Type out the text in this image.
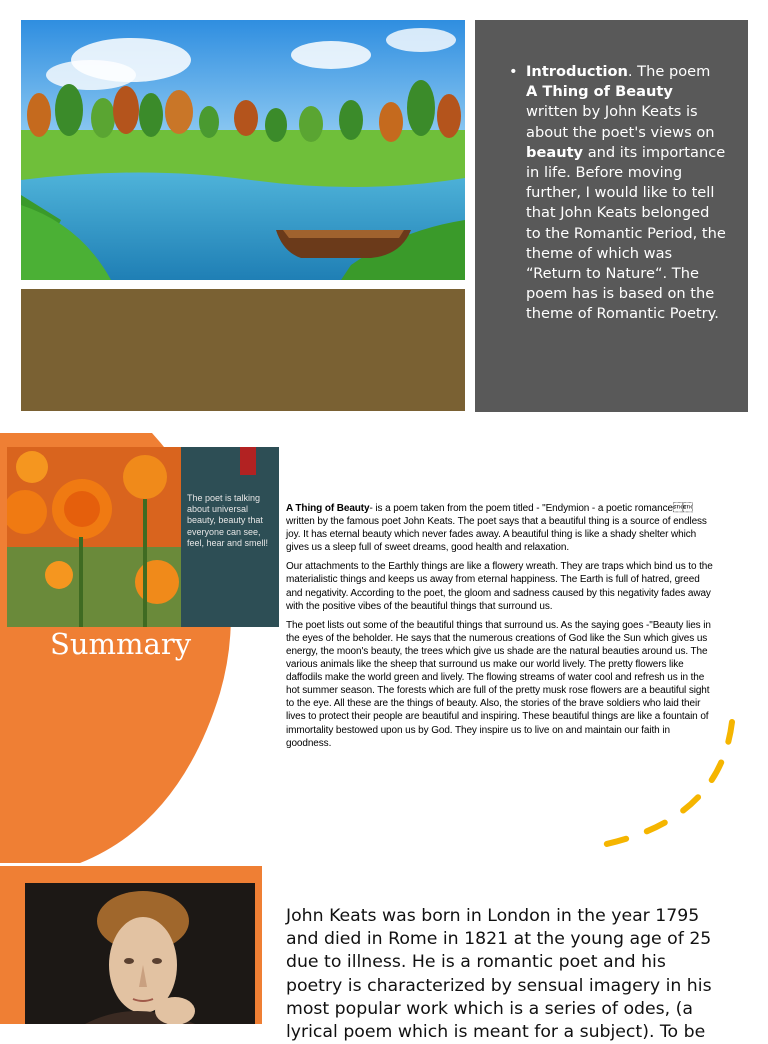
• Introduction. The poem A Thing of Beauty written by John Keats is about the poet's views on beauty and its importance in life. Before moving further, I would like to tell that John Keats belonged to the Romantic Period, the theme of which was “Return to Nature“. The poem has is based on the theme of Romantic Poetry.
The poet is talking about universal beauty, beauty that everyone can see, feel, hear and smell!
Summary

A Thing of Beauty- is a poem taken from the poem titled - "Endymion - a poetic romance written by the famous poet John Keats. The poet says that a beautiful thing is a source of endless joy. It has eternal beauty which never fades away. A beautiful thing is like a shady shelter which gives us a sleep full of sweet dreams, good health and relaxation.

Our attachments to the Earthly things are like a flowery wreath. They are traps which bind us to the materialistic things and keeps us away from eternal happiness. The Earth is full of hatred, greed and negativity. According to the poet, the gloom and sadness caused by this negativity fades away with the positive vibes of the beautiful things that surround us.

The poet lists out some of the beautiful things that surround us. As the saying goes -"Beauty lies in the eyes of the beholder. He says that the numerous creations of God like the Sun which gives us energy, the moon's beauty, the trees which give us shade are the natural beauties around us. The various animals like the sheep that surround us make our world lively. The pretty flowers like daffodils make the world green and lively. The flowing streams of water cool and refresh us in the hot summer season. The forests which are full of the pretty musk rose flowers are a beautiful sight to the eye. All these are the things of beauty. Also, the stories of the brave soldiers who laid their lives to protect their people are beautiful and inspiring. These beautiful things are like a fountain of immortality bestowed upon us by God. They inspire us to live on and maintain our faith in goodness.

John Keats was born in London in the year 1795 and died in Rome in 1821 at the young age of 25 due to illness. He is a romantic poet and his poetry is characterized by sensual imagery in his most popular work which is a series of odes, (a lyrical poem which is meant for a subject). To be
